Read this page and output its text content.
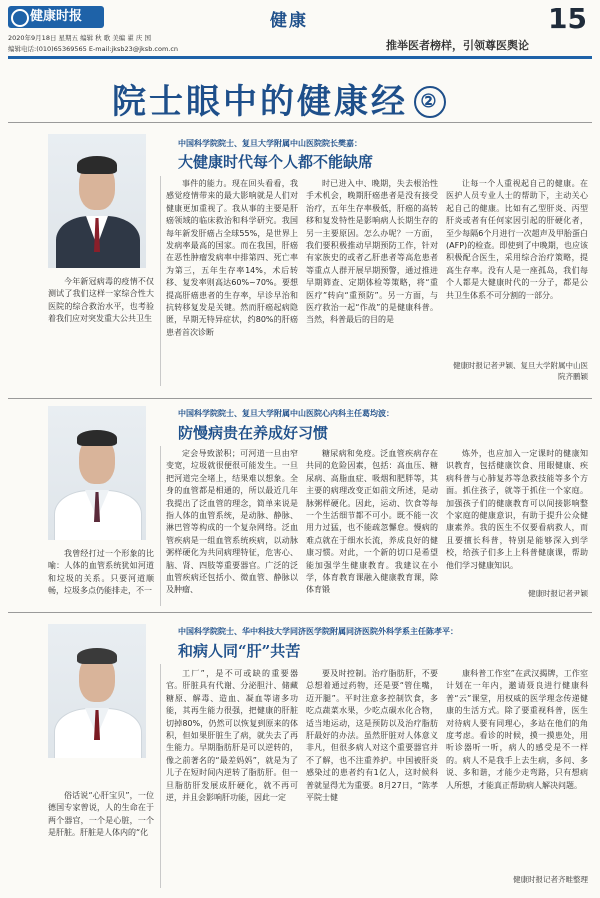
健康时报	健康	15
2020年9月18日 星期五 编辑 秋 歌 美编 翟 庆 国
编辑电话:(010)65369565 E-mail:jksb23@jksb.com.cn	推举医者榜样，引领尊医舆论
院士眼中的健康经 ②
中国科学院院士、复旦大学附属中山医院院长樊嘉：
大健康时代每个人都不能缺席
今年新冠病毒的疫情不仅测试了我们这样一家综合性大医院的综合救治水平，也考验着我们应对突发重大公共卫生
事件的能力。现在回头看看，我感觉疫情带来的最大影响就是人们对健康更加重视了。我从事的主要是肝癌领域的临床救治和科学研究。我国每年新发肝癌占全球55%，是世界上发病率最高的国家。而在我国，肝癌在恶性肿瘤发病率中排第四、死亡率为第三，五年生存率14%，术后转移、复发率则高达60%~70%。要想提高肝癌患者的生存率，早诊早治和抗转移复发是关键。然而肝癌起病隐匿，早期无特异症状，约80%的肝癌患者首次诊断
时已进入中、晚期，失去根治性手术机会，晚期肝癌患者是没有接受治疗，五年生存率极低，肝癌的高转移和复发特性是影响病人长期生存的另一主要原因。怎么办呢？一方面，我们要积极推动早期预防工作，针对有家族史的或者乙肝患者等高危患者等重点人群开展早期预警，通过推进早期筛查、定期体检等策略，将“重医疗”转向“重预防”。另一方面，与医疗救治一起“作战”的是健康科普。当然，科普最后的目的是
让每一个人重视起自己的健康。在医护人员专业人士的帮助下，主动关心起自己的健康。比如有乙型肝炎、丙型肝炎或者有任何家因引起的肝硬化者，至少每隔6个月进行一次超声及甲胎蛋白(AFP)的检查。即使到了中晚期，也应该积极配合医生，采用综合治疗策略，提高生存率。没有人是一座孤岛，我们每个人都是大健康时代的一分子，都是公共卫生体系不可分割的一部分。
健康时报记者尹颖、复旦大学附属中山医院齐鹏颖
中国科学院院士、复旦大学附属中山医院心内科主任葛均波：
防慢病贵在养成好习惯
我曾经打过一个形象的比喻：人体的血管系统犹如河道和垃圾的关系。只要河道顺畅，垃圾多点仍能排走，不一
定会导致淤积；可河道一旦由窄变宽，垃圾就很便很可能发生。一旦把河道完全堵上，结果难以想象。全身的血管都是相通的，所以最近几年我提出了泛血管的理念，简单来说是指人体的血管系统，是动脉、静脉、淋巴管等构成的一个复杂网络。泛血管疾病是一组血管系统疾病，以动脉粥样硬化为共同病理特征，危害心、脑、肾、四肢等重要器官。广泛的泛血管疾病还包括小、微血管、静脉以及肿瘤、
糖尿病和免疫。泛血管疾病存在共同的危险因素，包括：高血压、糖尿病、高脂血症、吸烟和肥胖等，其主要的病理改变正如前文所述，是动脉粥样硬化。因此，运动、饮食等每一个生活细节都不可小。既不能一次用力过猛，也不能疏忽懈怠。慢病的难点就在于细水长流，养成良好的健康习惯。对此，一个新的切口是希望能加强学生健康教育。我建议在小学，体育教育课融入健康教育课，除体育锻
炼外，也应加入一定课时的健康知识教育，包括健康饮食、用眼健康、疾病科普与心肺复苏等急救技能等多个方面。抓住孩子，就等于抓住一个家庭。加强孩子们的健康教育可以间接影响整个家庭的健康意识，有助于提升公众健康素养。我的医生不仅要看病救人，而且要擅长科普，特别是能够深入到学校，给孩子们多上上科普健康课，帮助他们学习健康知识。
健康时报记者尹颖
中国科学院院士、华中科技大学同济医学院附属同济医院外科学系主任陈孝平：
和病人同“肝”共苦
俗话说“心肝宝贝”，一位德国专家曾说，人的生命在于两个器官，一个是心脏，一个是肝脏。肝脏是人体内的“化
工厂”，是不可或缺的重要器官。肝脏具有代谢、分泌胆汁、储藏糖原、解毒、造血、凝血等诸多功能，其再生能力很强，把健康的肝脏切掉80%，仍然可以恢复到原来的体积，但如果肝脏生了病，就失去了再生能力。早期脂肪肝是可以逆转的，像之前著名的“最差妈妈”，就是为了儿子在短时间内逆转了脂肪肝。但一旦脂肪肝发展成肝硬化，就不再可逆，并且会影响肝功能，因此一定
要及时控制。治疗脂肪肝，不要总想着通过药物，还是要“管住嘴，迈开腿”。平时注意多控制饮食，多吃点蔬菜水果，少吃点碳水化合物，适当地运动，这是预防以及治疗脂肪肝最好的办法。虽然肝脏对人体意义非凡，但很多病人对这个重要器官并不了解，也不注重养护。中国被肝炎感染过的患者约有1亿人，这时候科普就显得尤为重要。8月27日，“陈孝平院士健
康科普工作室”在武汉揭牌，工作室计划在一年内，邀请聂良进行健康科普“云”课堂，用权威的医学理念传递健康的生活方式。除了要重视科普，医生对待病人要有同理心，多站在他们的角度考虑。看诊的时候，摸一摸患处，用听诊器听一听，病人的感受是不一样的。病人不是我手上去生病，多问、多说、多和谐，才能少走弯路，只有想病人所想，才能真正帮助病人解决问题。
健康时报记者齐畦整理
